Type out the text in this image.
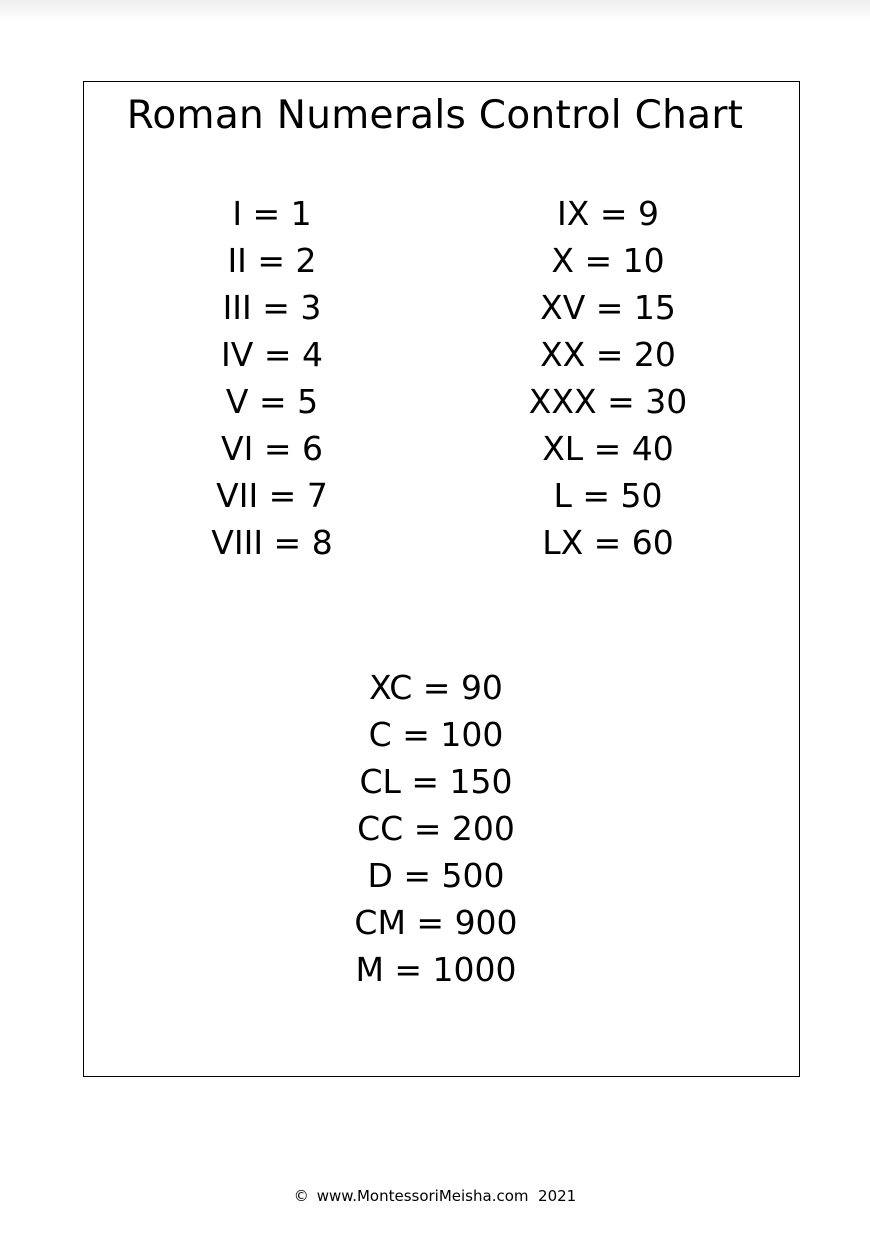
Roman Numerals Control Chart
I = 1
II = 2
III = 3
IV = 4
V = 5
VI = 6
VII = 7
VIII = 8
IX = 9
X = 10
XV = 15
XX = 20
XXX = 30
XL = 40
L = 50
LX = 60
XC = 90
C = 100
CL = 150
CC = 200
D = 500
CM = 900
M = 1000
© www.MontessoriMeisha.com  2021
